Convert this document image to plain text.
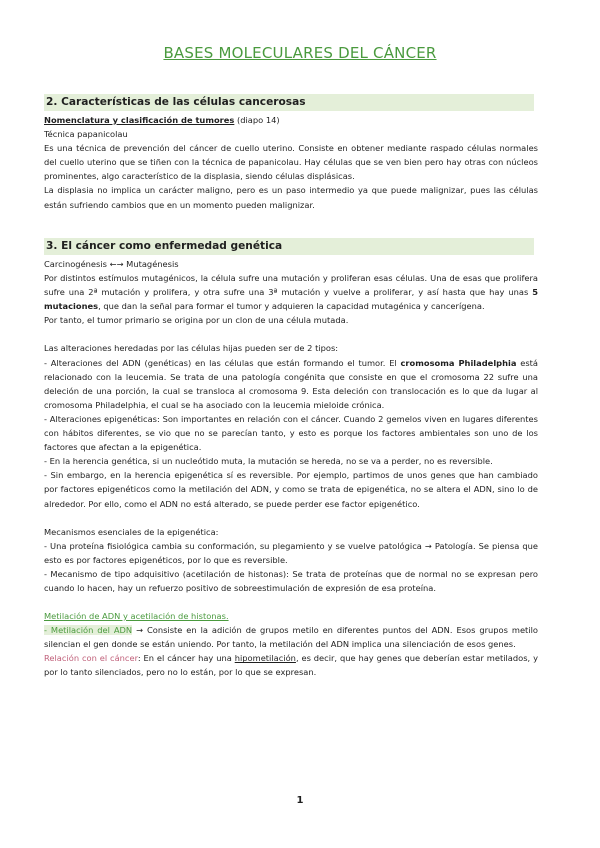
BASES MOLECULARES DEL CÁNCER
2. Características de las células cancerosas
Nomenclatura y clasificación de tumores (diapo 14)
Técnica papanicolau
Es una técnica de prevención del cáncer de cuello uterino. Consiste en obtener mediante raspado células normales del cuello uterino que se tiñen con la técnica de papanicolau. Hay células que se ven bien pero hay otras con núcleos prominentes, algo característico de la displasia, siendo células displásicas.
La displasia no implica un carácter maligno, pero es un paso intermedio ya que puede malignizar, pues las células están sufriendo cambios que en un momento pueden malignizar.
3. El cáncer como enfermedad genética
Carcinogénesis ←→ Mutagénesis
Por distintos estímulos mutagénicos, la célula sufre una mutación y proliferan esas células. Una de esas que prolifera sufre una 2ª mutación y prolifera, y otra sufre una 3ª mutación y vuelve a proliferar, y así hasta que hay unas 5 mutaciones, que dan la señal para formar el tumor y adquieren la capacidad mutagénica y cancerígena.
Por tanto, el tumor primario se origina por un clon de una célula mutada.
Las alteraciones heredadas por las células hijas pueden ser de 2 tipos:
- Alteraciones del ADN (genéticas) en las células que están formando el tumor. El cromosoma Philadelphia está relacionado con la leucemia. Se trata de una patología congénita que consiste en que el cromosoma 22 sufre una deleción de una porción, la cual se transloca al cromosoma 9. Esta deleción con translocación es lo que da lugar al cromosoma Philadelphia, el cual se ha asociado con la leucemia mieloide crónica.
- Alteraciones epigenéticas: Son importantes en relación con el cáncer. Cuando 2 gemelos viven en lugares diferentes con hábitos diferentes, se vio que no se parecían tanto, y esto es porque los factores ambientales son uno de los factores que afectan a la epigenética.
- En la herencia genética, si un nucleótido muta, la mutación se hereda, no se va a perder, no es reversible.
- Sin embargo, en la herencia epigenética sí es reversible. Por ejemplo, partimos de unos genes que han cambiado por factores epigenéticos como la metilación del ADN, y como se trata de epigenética, no se altera el ADN, sino lo de alrededor. Por ello, como el ADN no está alterado, se puede perder ese factor epigenético.
Mecanismos esenciales de la epigenética:
- Una proteína fisiológica cambia su conformación, su plegamiento y se vuelve patológica → Patología. Se piensa que esto es por factores epigenéticos, por lo que es reversible.
- Mecanismo de tipo adquisitivo (acetilación de histonas): Se trata de proteínas que de normal no se expresan pero cuando lo hacen, hay un refuerzo positivo de sobreestimulación de expresión de esa proteína.
Metilación de ADN y acetilación de histonas.
- Metilación del ADN → Consiste en la adición de grupos metilo en diferentes puntos del ADN. Esos grupos metilo silencian el gen donde se están uniendo. Por tanto, la metilación del ADN implica una silenciación de esos genes.
Relación con el cáncer: En el cáncer hay una hipometilación, es decir, que hay genes que deberían estar metilados, y por lo tanto silenciados, pero no lo están, por lo que se expresan.
1
